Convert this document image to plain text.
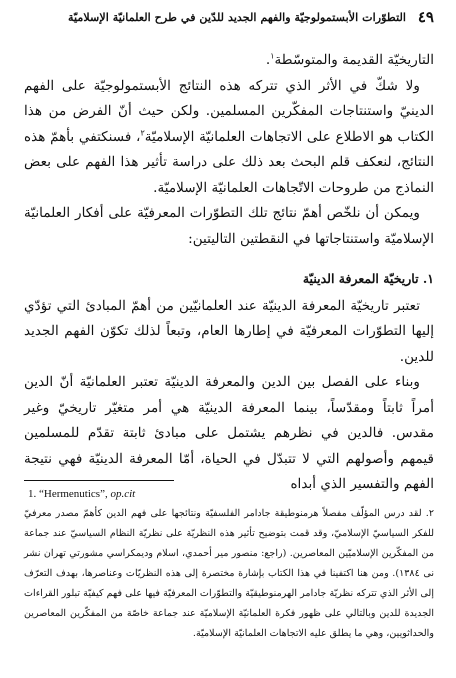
٤٩
التطوّرات الأبستمولوجيّة والفهم الجديد للدّين في طرح العلمانيّة الإسلاميّة

التاريخيّة القديمة والمتوسّطة$^١$.

ولا شكّ في الأثر الذي تتركه هذه النتائج الأبستمولوجيّة على الفهم الدينيّ واستنتاجات المفكّرين المسلمين. ولكن حيث أنّ الفرض من هذا الكتاب هو الاطلاع على الاتجاهات العلمانيّة الإسلاميّة$^٢$، فسنكتفي بأهمّ هذه النتائج، لنعكف قلم البحث بعد ذلك على دراسة تأثير هذا الفهم على بعض النماذج من طروحات الاتّجاهات العلمانيّة الإسلاميّة.

ويمكن أن نلخّص أهمّ نتائج تلك التطوّرات المعرفيّة على أفكار العلمانيّة الإسلاميّة واستنتاجاتها في النقطتين التاليتين:

١. تاريخيّة المعرفة الدينيّة

تعتبر تاريخيّة المعرفة الدينيّة عند العلمانيّين من أهمّ المبادئ التي تؤدّي إليها التطوّرات المعرفيّة في إطارها العام، وتبعاً لذلك تكوّن الفهم الجديد للدين.

وبناء على الفصل بين الدين والمعرفة الدينيّة تعتبر العلمانيّة أنّ الدين أمراً ثابتاً ومقدّساً، بينما المعرفة الدينيّة هي أمر متغيّر تاريخيّ وغير مقدس. فالدين في نظرهم يشتمل على مبادئ ثابتة تقدّم للمسلمين قيمهم وأصولهم التي لا تتبدّل في الحياة، أمّا المعرفة الدينيّة فهي نتيجة الفهم والتفسير الذي أبداه

1. “Hermenutics”, op.cit

٢. لقد درس المؤلّف مفصلاً هرمنوطيقة جادامر الفلسفيّة ونتائجها على فهم الدين كأهمّ مصدر معرفيّ للفكر السياسيّ الإسلاميّ، وقد قمت بتوضيح تأثير هذه النظريّة على نظريّة النظام السياسيّ عند جماعة من المفكّرين الإسلاميّين المعاصرين. (راجع: منصور مير أحمدي، اسلام وديمكراسي مشورتي تهران نشر نى ١٣٨٤). ومن هنا اكتفينا في هذا الكتاب بإشارة مختصرة إلى هذه النظريّات وعناصرها، بهدف التعرّف إلى الأثر الذي تتركه نظريّة جادامر الهرمنوطيقيّة والتطوّرات المعرفيّة فيها على فهم كيفيّة تبلور القراءات الجديدة للدين وبالتالي على ظهور فكرة العلمانيّة الإسلاميّة عند جماعة خاصّة من المفكّرين المعاصرين والحداثويين، وهي ما يطلق عليه الاتجاهات العلمانيّة الإسلاميّة.
